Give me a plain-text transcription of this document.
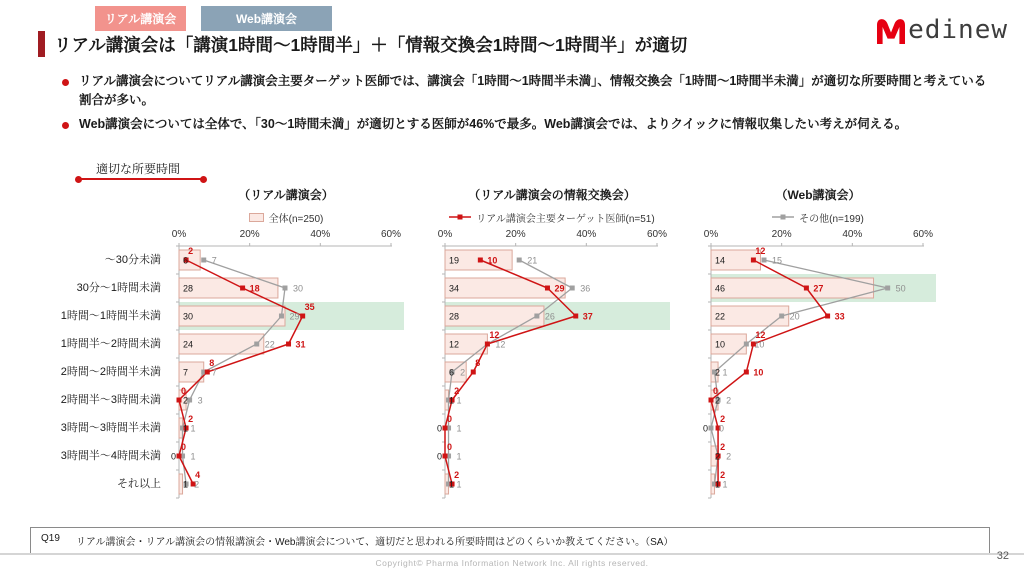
リアル講演会	Web講演会	edinew
リアル講演会は「講演1時間〜1時間半」＋「情報交換会1時間〜1時間半」が適切
リアル講演会についてリアル講演会主要ターゲット医師では、講演会「1時間〜1時間半未満」、情報交換会「1時間〜1時間半未満」が適切な所要時間と考えている割合が多い。
Web講演会については全体で、「30〜1時間未満」が適切とする医師が46%で最多。Web講演会では、よりクイックに情報収集したい考えが伺える。
適切な所要時間
〜30分未満
30分〜1時間未満
1時間〜1時間半未満
1時間半〜2時間未満
2時間〜2時間半未満
2時間半〜3時間未満
3時間〜3時間半未満
3時間半〜4時間未満
それ以上
（リアル講演会）
全体(n=250)
0%	20%	40%	60%
6
28
30
24
7
2
1
0
1
7
30
29
22
7
3
1
1
2
2
18
35
31
8
0
2
0
4
（リアル講演会の情報交換会）
リアル講演会主要ターゲット医師(n=51)
0%	20%	40%	60%
19
34
28
12
6
1
0
0
1
21
36
26
12
2
1
1
1
1
10
29
37
12
8
2
0
0
2
（Web講演会）
その他(n=199)
0%	20%	40%	60%
14
46
22
10
2
2
0
2
1
15
50
20
10
1
2
0
2
1
12
27
33
12
10
0
2
2
2
Q19 リアル講演会・リアル講演会の情報講演会・Web講演会について、適切だと思われる所要時間はどのくらいか教えてください。（SA）
Copyright© Pharma Information Network Inc. All rights reserved.
32
